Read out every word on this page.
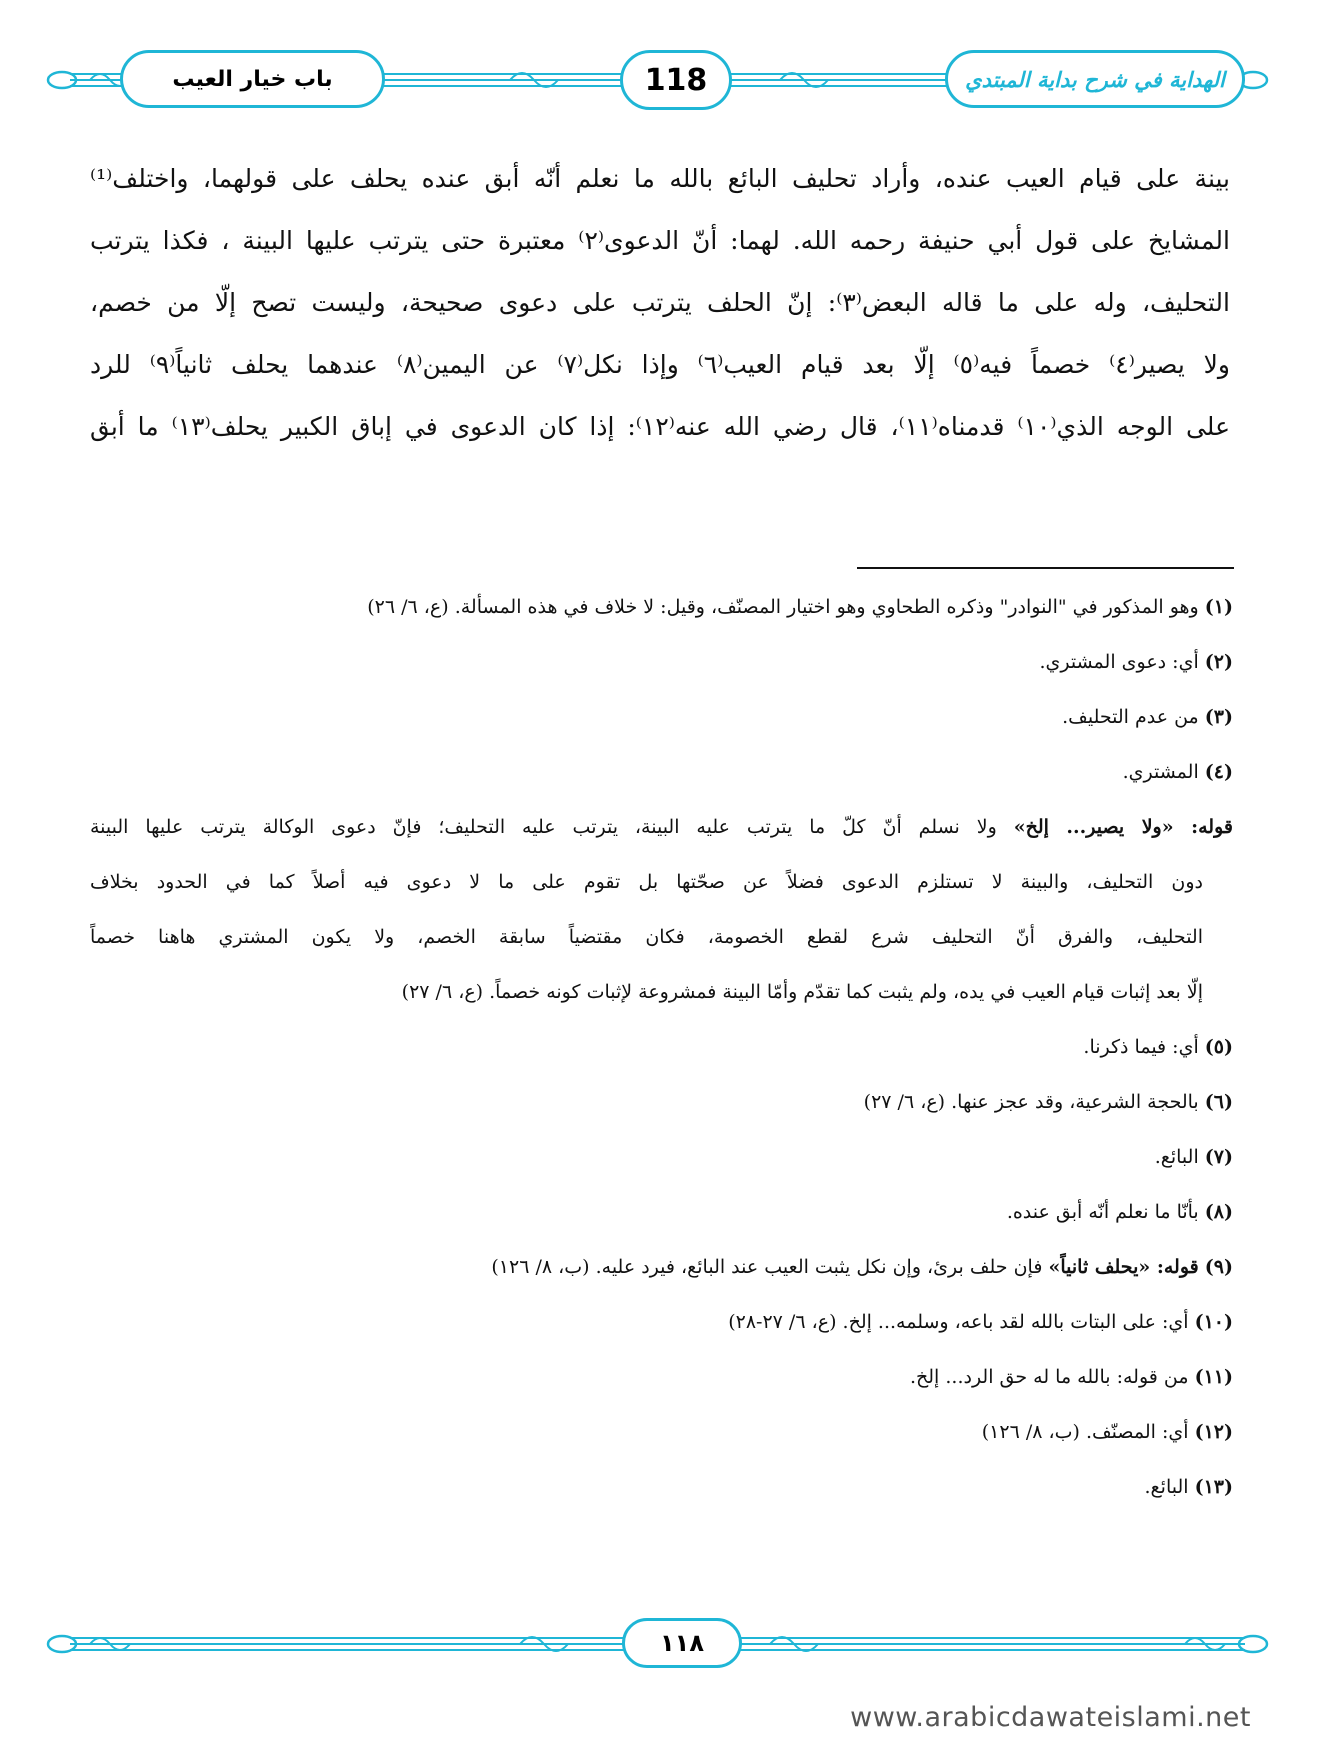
باب خيار العيب	118	الهداية في شرح بداية المبتدي
بينة على قيام العيب عنده، وأراد تحليف البائع بالله ما نعلم أنّه أبق عنده يحلف على قولهما، واختلف⁽¹⁾
المشايخ على قول أبي حنيفة رحمه الله. لهما: أنّ الدعوى⁽٢⁾ معتبرة حتى يترتب عليها البينة ، فكذا يترتب
التحليف، وله على ما قاله البعض⁽٣⁾: إنّ الحلف يترتب على دعوى صحيحة، وليست تصح إلّا من خصم،
ولا يصير⁽٤⁾ خصماً فيه⁽٥⁾ إلّا بعد قيام العيب⁽٦⁾ وإذا نكل⁽٧⁾ عن اليمين⁽٨⁾ عندهما يحلف ثانياً⁽٩⁾ للرد
على الوجه الذي⁽١٠⁾ قدمناه⁽١١⁾، قال رضي الله عنه⁽١٢⁾: إذا كان الدعوى في إباق الكبير يحلف⁽١٣⁾ ما أبق
(١) وهو المذكور في "النوادر" وذكره الطحاوي وهو اختيار المصنّف، وقيل: لا خلاف في هذه المسألة. (ع، ٦/ ٢٦)
(٢) أي: دعوى المشتري.
(٣) من عدم التحليف.
(٤) المشتري.
قوله: «ولا يصير... إلخ» ولا نسلم أنّ كلّ ما يترتب عليه البينة، يترتب عليه التحليف؛ فإنّ دعوى الوكالة يترتب عليها البينة
دون التحليف، والبينة لا تستلزم الدعوى فضلاً عن صحّتها بل تقوم على ما لا دعوى فيه أصلاً كما في الحدود بخلاف
التحليف، والفرق أنّ التحليف شرع لقطع الخصومة، فكان مقتضياً سابقة الخصم، ولا يكون المشتري هاهنا خصماً
إلّا بعد إثبات قيام العيب في يده، ولم يثبت كما تقدّم وأمّا البينة فمشروعة لإثبات كونه خصماً. (ع، ٦/ ٢٧)
(٥) أي: فيما ذكرنا.
(٦) بالحجة الشرعية، وقد عجز عنها. (ع، ٦/ ٢٧)
(٧) البائع.
(٨) بأنّا ما نعلم أنّه أبق عنده.
(٩) قوله: «يحلف ثانياً» فإن حلف برئ، وإن نكل يثبت العيب عند البائع، فيرد عليه. (ب، ٨/ ١٢٦)
(١٠) أي: على البتات بالله لقد باعه، وسلمه... إلخ. (ع، ٦/ ٢٧-٢٨)
(١١) من قوله: بالله ما له حق الرد... إلخ.
(١٢) أي: المصنّف. (ب، ٨/ ١٢٦)
(١٣) البائع.
١١٨
www.arabicdawateislami.net
